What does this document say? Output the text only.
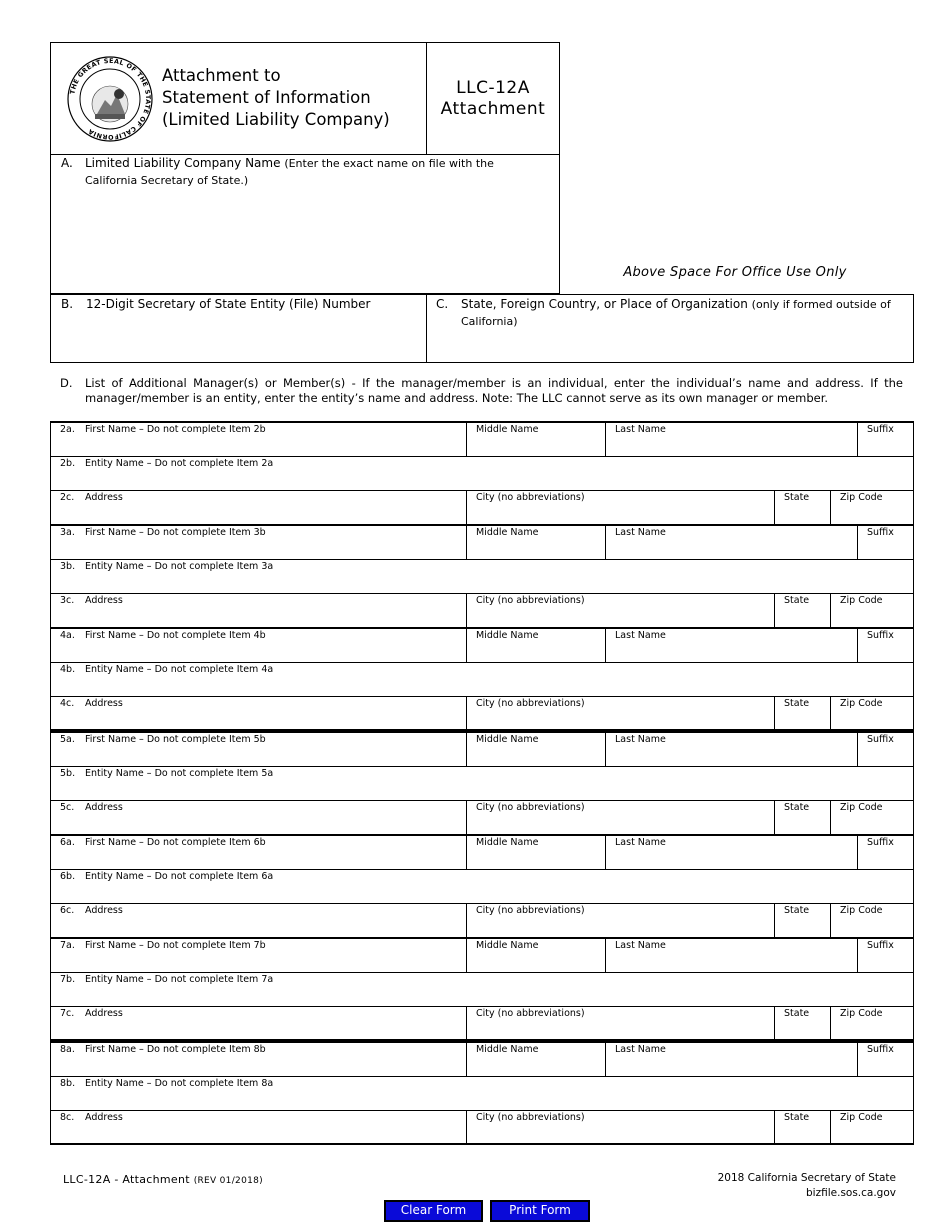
THE GREAT SEAL OF THE STATE OF CALIFORNIA
Attachment to
Statement of Information
(Limited Liability Company)
LLC-12A
Attachment
A. Limited Liability Company Name (Enter the exact name on file with the California Secretary of State.)
Above Space For Office Use Only
B. 12-Digit Secretary of State Entity (File) Number	C. State, Foreign Country, or Place of Organization (only if formed outside of California)
D. List of Additional Manager(s) or Member(s) - If the manager/member is an individual, enter the individual’s name and address. If the manager/member is an entity, enter the entity’s name and address. Note: The LLC cannot serve as its own manager or member.
2a. First Name – Do not complete Item 2b	Middle Name	Last Name	Suffix
2b. Entity Name – Do not complete Item 2a
2c. Address	City (no abbreviations)	State	Zip Code
3a. First Name – Do not complete Item 3b	Middle Name	Last Name	Suffix
3b. Entity Name – Do not complete Item 3a
3c. Address	City (no abbreviations)	State	Zip Code
4a. First Name – Do not complete Item 4b	Middle Name	Last Name	Suffix
4b. Entity Name – Do not complete Item 4a
4c. Address	City (no abbreviations)	State	Zip Code
5a. First Name – Do not complete Item 5b	Middle Name	Last Name	Suffix
5b. Entity Name – Do not complete Item 5a
5c. Address	City (no abbreviations)	State	Zip Code
6a. First Name – Do not complete Item 6b	Middle Name	Last Name	Suffix
6b. Entity Name – Do not complete Item 6a
6c. Address	City (no abbreviations)	State	Zip Code
7a. First Name – Do not complete Item 7b	Middle Name	Last Name	Suffix
7b. Entity Name – Do not complete Item 7a
7c. Address	City (no abbreviations)	State	Zip Code
8a. First Name – Do not complete Item 8b	Middle Name	Last Name	Suffix
8b. Entity Name – Do not complete Item 8a
8c. Address	City (no abbreviations)	State	Zip Code
LLC-12A - Attachment (REV 01/2018)	2018 California Secretary of State
bizfile.sos.ca.gov
Clear Form	Print Form
